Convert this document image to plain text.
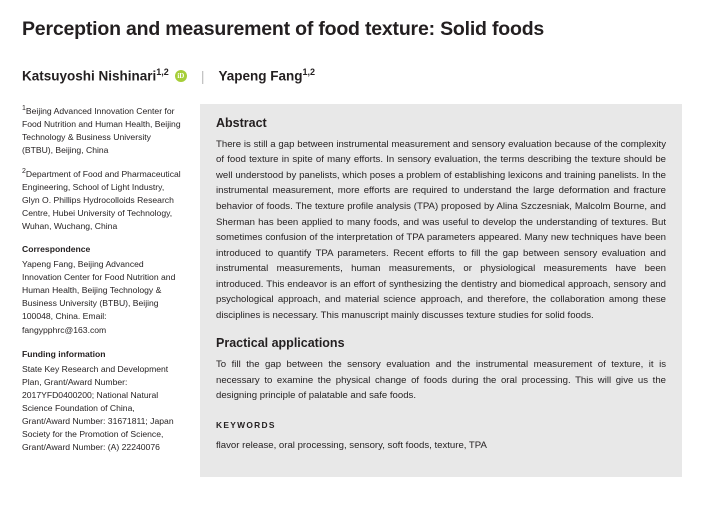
Perception and measurement of food texture: Solid foods
Katsuyoshi Nishinari$^{1,2}$ iD | Yapeng Fang$^{1,2}$

$^1$Beijing Advanced Innovation Center for Food Nutrition and Human Health, Beijing Technology & Business University (BTBU), Beijing, China

$^2$Department of Food and Pharmaceutical Engineering, School of Light Industry, Glyn O. Phillips Hydrocolloids Research Centre, Hubei University of Technology, Wuhan, Wuchang, China

Correspondence

Yapeng Fang, Beijing Advanced Innovation Center for Food Nutrition and Human Health, Beijing Technology & Business University (BTBU), Beijing 100048, China. Email: fangypphrc@163.com

Funding information

State Key Research and Development Plan, Grant/Award Number: 2017YFD0400200; National Natural Science Foundation of China, Grant/Award Number: 31671811; Japan Society for the Promotion of Science, Grant/Award Number: (A) 22240076

Abstract

There is still a gap between instrumental measurement and sensory evaluation because of the complexity of food texture in spite of many efforts. In sensory evaluation, the terms describing the texture should be well understood by panelists, which poses a problem of establishing lexicons and training panelists. In the instrumental measurement, more efforts are required to understand the large deformation and fracture behavior of foods. The texture profile analysis (TPA) proposed by Alina Szczesniak, Malcolm Bourne, and Sherman has been applied to many foods, and was useful to develop the understanding of textures. But sometimes confusion of the interpretation of TPA parameters appeared. Many new techniques have been introduced to quantify TPA parameters. Recent efforts to fill the gap between sensory evaluation and instrumental measurements, human measurements, or physiological measurements have been introduced. This endeavor is an effort of synthesizing the dentistry and biomedical approach, sensory and psychological approach, and material science approach, and therefore, the collaboration among these disciplines is necessary. This manuscript mainly discusses texture studies for solid foods.

Practical applications

To fill the gap between the sensory evaluation and the instrumental measurement of texture, it is necessary to examine the physical change of foods during the oral processing. This will give us the designing principle of palatable and safe foods.

KEYWORDS

flavor release, oral processing, sensory, soft foods, texture, TPA
